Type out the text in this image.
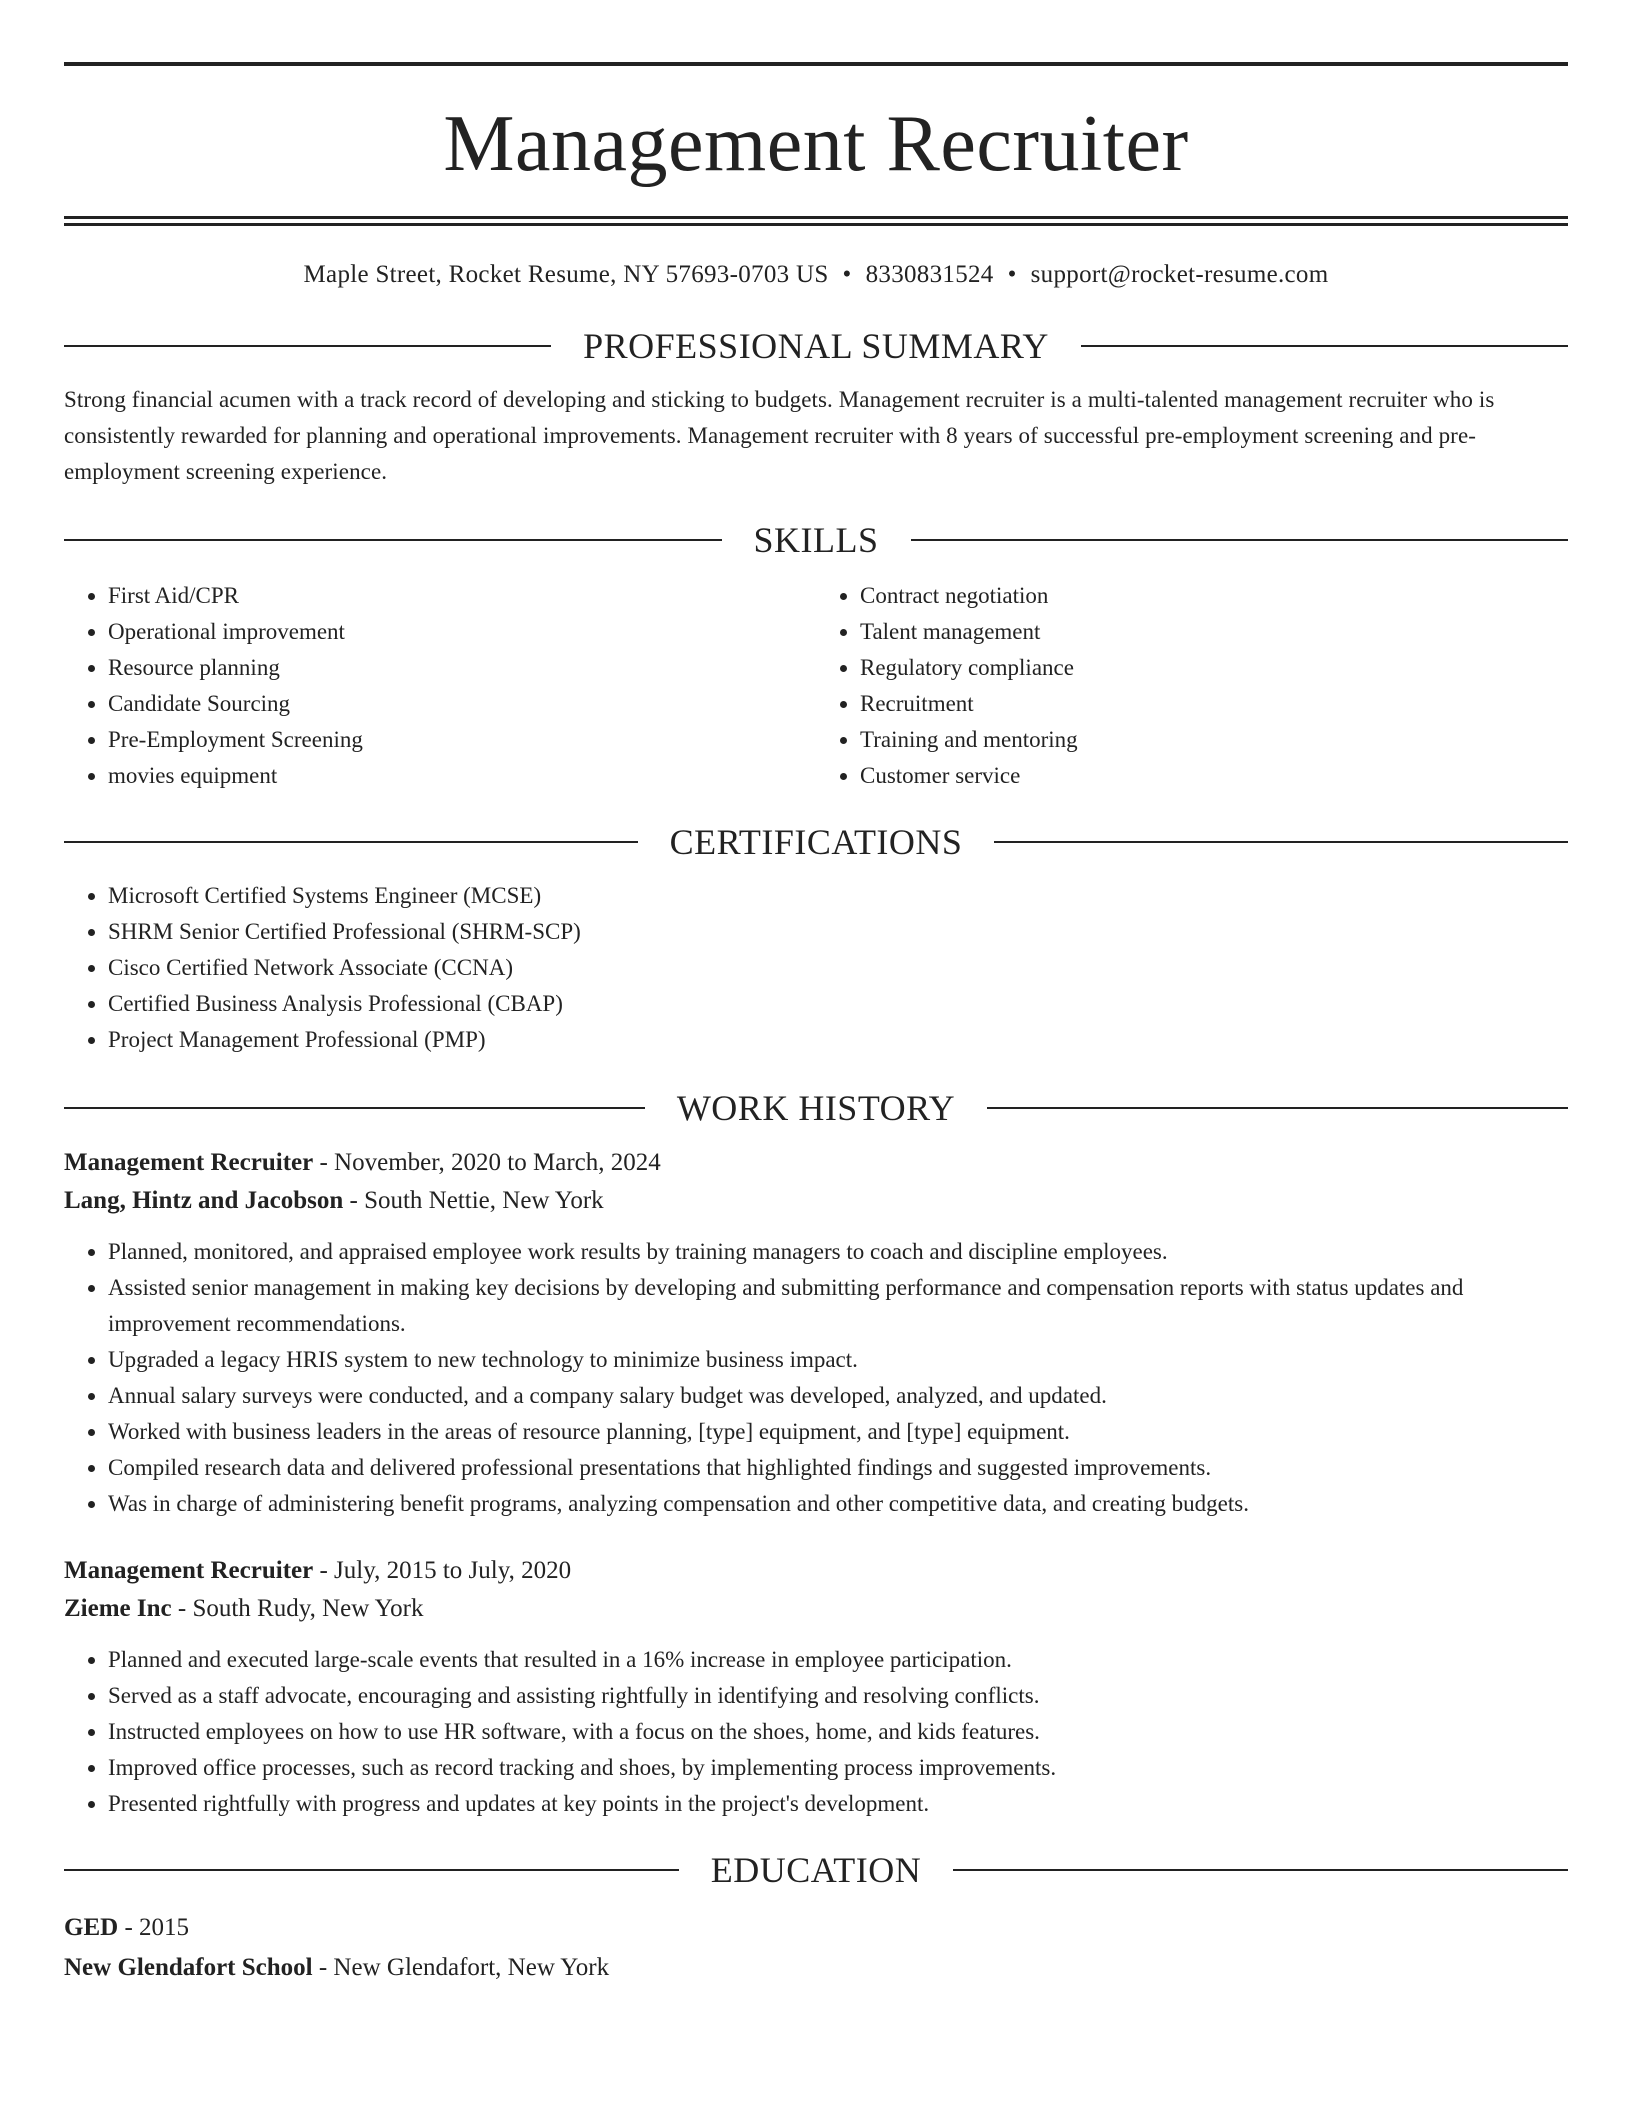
Management Recruiter
Maple Street, Rocket Resume, NY 57693-0703 US • 8330831524 • support@rocket-resume.com
PROFESSIONAL SUMMARY
Strong financial acumen with a track record of developing and sticking to budgets. Management recruiter is a multi-talented management recruiter who is consistently rewarded for planning and operational improvements. Management recruiter with 8 years of successful pre-employment screening and pre-employment screening experience.
SKILLS
• First Aid/CPR
• Operational improvement
• Resource planning
• Candidate Sourcing
• Pre-Employment Screening
• movies equipment
• Contract negotiation
• Talent management
• Regulatory compliance
• Recruitment
• Training and mentoring
• Customer service
CERTIFICATIONS
• Microsoft Certified Systems Engineer (MCSE)
• SHRM Senior Certified Professional (SHRM-SCP)
• Cisco Certified Network Associate (CCNA)
• Certified Business Analysis Professional (CBAP)
• Project Management Professional (PMP)
WORK HISTORY
Management Recruiter - November, 2020 to March, 2024
Lang, Hintz and Jacobson - South Nettie, New York
• Planned, monitored, and appraised employee work results by training managers to coach and discipline employees.
• Assisted senior management in making key decisions by developing and submitting performance and compensation reports with status updates and improvement recommendations.
• Upgraded a legacy HRIS system to new technology to minimize business impact.
• Annual salary surveys were conducted, and a company salary budget was developed, analyzed, and updated.
• Worked with business leaders in the areas of resource planning, [type] equipment, and [type] equipment.
• Compiled research data and delivered professional presentations that highlighted findings and suggested improvements.
• Was in charge of administering benefit programs, analyzing compensation and other competitive data, and creating budgets.
Management Recruiter - July, 2015 to July, 2020
Zieme Inc - South Rudy, New York
• Planned and executed large-scale events that resulted in a 16% increase in employee participation.
• Served as a staff advocate, encouraging and assisting rightfully in identifying and resolving conflicts.
• Instructed employees on how to use HR software, with a focus on the shoes, home, and kids features.
• Improved office processes, such as record tracking and shoes, by implementing process improvements.
• Presented rightfully with progress and updates at key points in the project's development.
EDUCATION
GED - 2015
New Glendafort School - New Glendafort, New York
